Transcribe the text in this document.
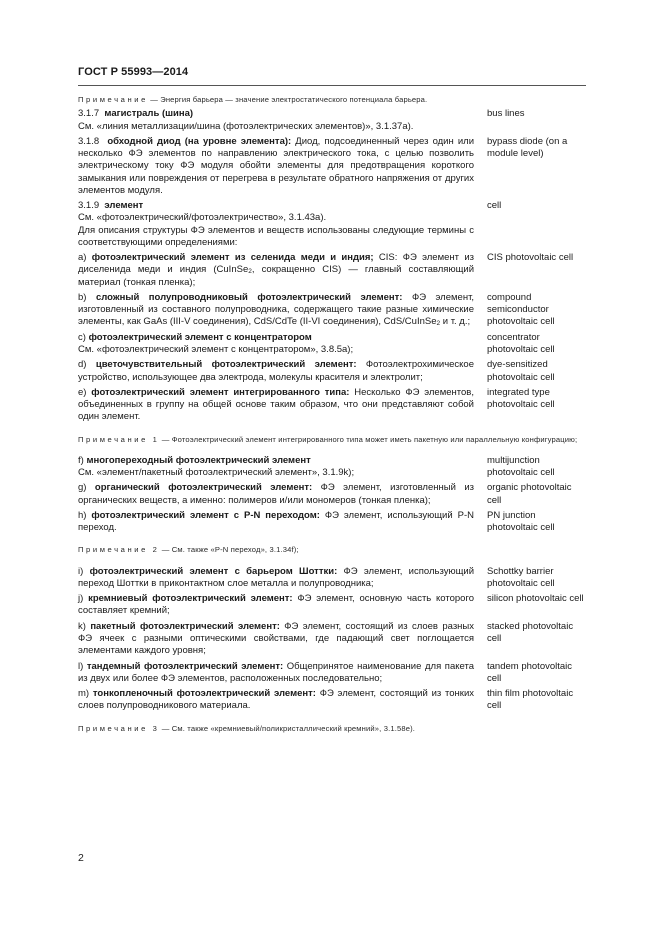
ГОСТ Р 55993—2014

Примечание — Энергия барьера — значение электростатического потенциала барьера.

3.1.7 магистраль (шина)
См. «линия металлизации/шина (фотоэлектрических элементов)», 3.1.37a).
bus lines
3.1.8 обходной диод (на уровне элемента): Диод, подсоединенный через один или несколько ФЭ элементов по направлению электрического тока, с целью позволить электрическому току ФЭ модуля обойти элементы для предотвращения короткого замыкания или повреждения от перегрева в результате обратного напряжения от других элементов модуля.
bypass diode (on a module level)
3.1.9 элемент
См. «фотоэлектрический/фотоэлектричество», 3.1.43a).
Для описания структуры ФЭ элементов и веществ использованы следующие термины с соответствующими определениями:
cell
a) фотоэлектрический элемент из селенида меди и индия; CIS: ФЭ элемент из диселенида меди и индия (CuInSe$_2$, сокращенно CIS) — главный составляющий материал (тонкая пленка);
CIS photovoltaic cell
b) сложный полупроводниковый фотоэлектрический элемент: ФЭ элемент, изготовленный из составного полупроводника, содержащего такие разные химические элементы, как GaAs (III-V соединения), CdS/CdTe (II-VI соединения), CdS/CuInSe$_2$ и т. д.;
compound semiconductor photovoltaic cell
c) фотоэлектрический элемент с концентратором
См. «фотоэлектрический элемент с концентратором», 3.8.5a);
concentrator photovoltaic cell
d) цветочувствительный фотоэлектрический элемент: Фотоэлектрохимическое устройство, использующее два электрода, молекулы красителя и электролит;
dye-sensitized photovoltaic cell
e) фотоэлектрический элемент интегрированного типа: Несколько ФЭ элементов, объединенных в группу на общей основе таким образом, что они представляют собой один элемент.
integrated type photovoltaic cell

Примечание 1 — Фотоэлектрический элемент интегрированного типа может иметь пакетную или параллельную конфигурацию;

f) многопереходный фотоэлектрический элемент
См. «элемент/пакетный фотоэлектрический элемент», 3.1.9k);
multijunction photovoltaic cell
g) органический фотоэлектрический элемент: ФЭ элемент, изготовленный из органических веществ, а именно: полимеров и/или мономеров (тонкая пленка);
organic photovoltaic cell
h) фотоэлектрический элемент с P-N переходом: ФЭ элемент, использующий P-N переход.
PN junction photovoltaic cell

Примечание 2 — См. также «P-N переход», 3.1.34f);

i) фотоэлектрический элемент с барьером Шоттки: ФЭ элемент, использующий переход Шоттки в приконтактном слое металла и полупроводника;
Schottky barrier photovoltaic cell
j) кремниевый фотоэлектрический элемент: ФЭ элемент, основную часть которого составляет кремний;
silicon photovoltaic cell
k) пакетный фотоэлектрический элемент: ФЭ элемент, состоящий из слоев разных ФЭ ячеек с разными оптическими свойствами, где падающий свет поглощается элементами каждого уровня;
stacked photovoltaic cell
l) тандемный фотоэлектрический элемент: Общепринятое наименование для пакета из двух или более ФЭ элементов, расположенных последовательно;
tandem photovoltaic cell
m) тонкопленочный фотоэлектрический элемент: ФЭ элемент, состоящий из тонких слоев полупроводникового материала.
thin film photovoltaic cell

Примечание 3 — См. также «кремниевый/поликристаллический кремний», 3.1.58e).

2
